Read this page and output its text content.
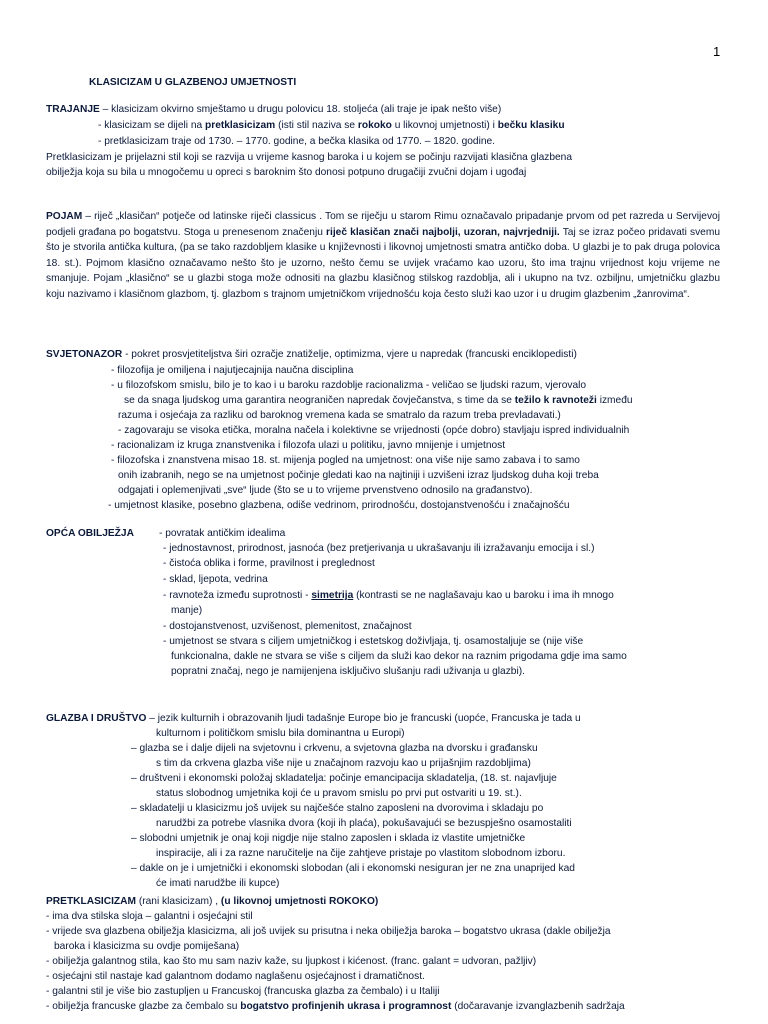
1
KLASICIZAM U GLAZBENOJ UMJETNOSTI
TRAJANJE – klasicizam okvirno smještamo u drugu polovicu 18. stoljeća (ali traje je ipak nešto više)
- klasicizam se dijeli na pretklasicizam (isti stil naziva se rokoko u likovnoj umjetnosti) i bečku klasiku
- pretklasicizam traje od 1730. – 1770. godine, a bečka klasika od 1770. – 1820. godine.
Pretklasicizam je prijelazni stil koji se razvija u vrijeme kasnog baroka i u kojem se počinju razvijati klasična glazbena
obilježja koja su bila u mnogočemu u opreci s baroknim što donosi potpuno drugačiji zvučni dojam i ugođaj
POJAM – riječ „klasičan“ potječe od latinske riječi classicus . Tom se riječju u starom Rimu označavalo pripadanje prvom od pet razreda u Servijevoj podjeli građana po bogatstvu. Stoga u prenesenom značenju riječ klasičan znači najbolji, uzoran, najvrjedniji. Taj se izraz počeo pridavati svemu što je stvorila antička kultura, (pa se tako razdobljem klasike u književnosti i likovnoj umjetnosti smatra antičko doba. U glazbi je to pak druga polovica 18. st.). Pojmom klasično označavamo nešto što je uzorno, nešto čemu se uvijek vraćamo kao uzoru, što ima trajnu vrijednost koju vrijeme ne smanjuje. Pojam „klasično“ se u glazbi stoga može odnositi na glazbu klasičnog stilskog razdoblja, ali i ukupno na tvz. ozbiljnu, umjetničku glazbu koju nazivamo i klasičnom glazbom, tj. glazbom s trajnom umjetničkom vrijednošću koja često služi kao uzor i u drugim glazbenim „žanrovima“.
SVJETONAZOR - pokret prosvjetiteljstva širi ozračje znatiželje, optimizma, vjere u napredak (francuski enciklopedisti)
- filozofija je omiljena i najutjecajnija naučna disciplina
- u filozofskom smislu, bilo je to kao i u baroku razdoblje racionalizma - veličao se ljudski razum, vjerovalo
se da snaga ljudskog uma garantira neograničen napredak čovječanstva, s time da se težilo k ravnoteži između
razuma i osjećaja za razliku od baroknog vremena kada se smatralo da razum treba prevladavati.)
- zagovaraju se visoka etička, moralna načela i kolektivne se vrijednosti (opće dobro) stavljaju ispred individualnih
- racionalizam iz kruga znanstvenika i filozofa ulazi u politiku, javno mnijenje i umjetnost
- filozofska i znanstvena misao 18. st. mijenja pogled na umjetnost: ona više nije samo zabava i to samo
onih izabranih, nego se na umjetnost počinje gledati kao na najtiniji i uzvišeni izraz ljudskog duha koji treba
odgajati i oplemenjivati „sve“ ljude (što se u to vrijeme prvenstveno odnosilo na građanstvo).
- umjetnost klasike, posebno glazbena, odiše vedrinom, prirodnošću, dostojanstvenošću i značajnošću
OPĆA OBILJEŽJA - povratak antičkim idealima
- jednostavnost, prirodnost, jasnoća (bez pretjerivanja u ukrašavanju ili izražavanju emocija i sl.)
- čistoća oblika i forme, pravilnost i preglednost
- sklad, ljepota, vedrina
- ravnoteža između suprotnosti - simetrija (kontrasti se ne naglašavaju kao u baroku i ima ih mnogo
manje)
- dostojanstvenost, uzvišenost, plemenitost, značajnost
- umjetnost se stvara s ciljem umjetničkog i estetskog doživljaja, tj. osamostaljuje se (nije više
funkcionalna, dakle ne stvara se više s ciljem da služi kao dekor na raznim prigodama gdje ima samo
popratni značaj, nego je namijenjena isključivo slušanju radi uživanja u glazbi).
GLAZBA I DRUŠTVO – jezik kulturnih i obrazovanih ljudi tadašnje Europe bio je francuski (uopće, Francuska je tada u
kulturnom i političkom smislu bila dominantna u Europi)
– glazba se i dalje dijeli na svjetovnu i crkvenu, a svjetovna glazba na dvorsku i građansku
s tim da crkvena glazba više nije u značajnom razvoju kao u prijašnjim razdobljima)
– društveni i ekonomski položaj skladatelja: počinje emancipacija skladatelja, (18. st. najavljuje
status slobodnog umjetnika koji će u pravom smislu po prvi put ostvariti u 19. st.).
– skladatelji u klasicizmu još uvijek su najčešće stalno zaposleni na dvorovima i skladaju po
narudžbi za potrebe vlasnika dvora (koji ih plaća), pokušavajući se bezuspješno osamostaliti
– slobodni umjetnik je onaj koji nigdje nije stalno zaposlen i sklada iz vlastite umjetničke
inspiracije, ali i za razne naručitelje na čije zahtjeve pristaje po vlastitom slobodnom izboru.
– dakle on je i umjetnički i ekonomski slobodan (ali i ekonomski nesiguran jer ne zna unaprijed kad
će imati narudžbe ili kupce)
PRETKLASICIZAM (rani klasicizam) , (u likovnoj umjetnosti ROKOKO)
- ima dva stilska sloja – galantni i osjećajni stil
- vrijede sva glazbena obilježja klasicizma, ali još uvijek su prisutna i neka obilježja baroka – bogatstvo ukrasa (dakle obilježja
baroka i klasicizma su ovdje pomiješana)
- obilježja galantnog stila, kao što mu sam naziv kaže, su ljupkost i kićenost. (franc. galant = udvoran, pažljiv)
- osjećajni stil nastaje kad galantnom dodamo naglašenu osjećajnost i dramatičnost.
- galantni stil je više bio zastupljen u Francuskoj (francuska glazba za čembalo) i u Italiji
- obilježja francuske glazbe za čembalo su bogatstvo profinjenih ukrasa i programnost (dočaravanje izvanglazbenih sadržaja
